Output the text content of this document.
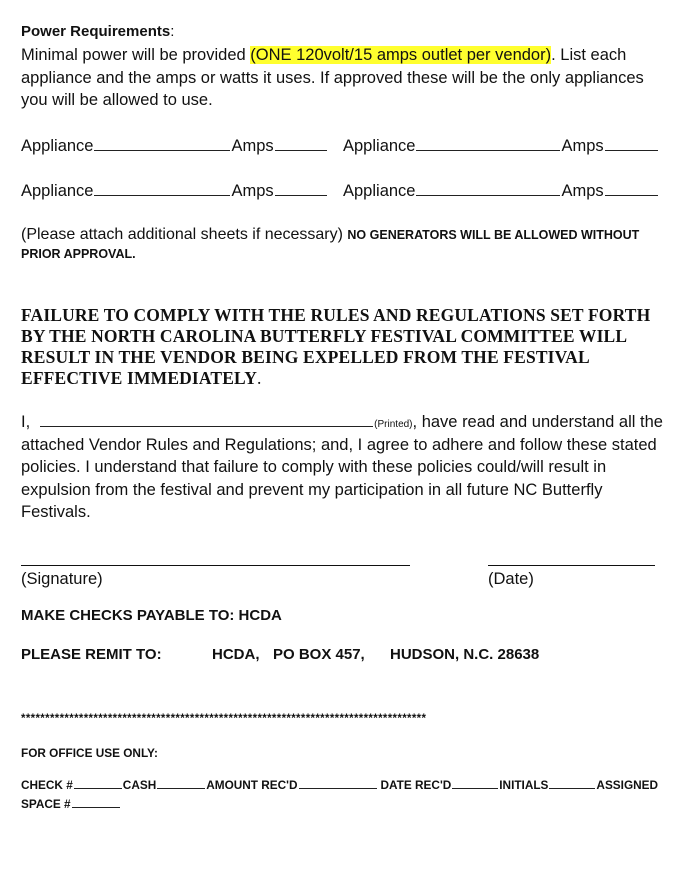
Power Requirements:
Minimal power will be provided (ONE 120volt/15 amps outlet per vendor). List each
appliance and the amps or watts it uses. If approved these will be the only appliances
you will be allowed to use.
Appliance	Amps	Appliance	Amps
Appliance	Amps	Appliance	Amps
(Please attach additional sheets if necessary) NO GENERATORS WILL BE ALLOWED WITHOUT
PRIOR APPROVAL.
FAILURE TO COMPLY WITH THE RULES AND REGULATIONS SET FORTH
BY THE NORTH CAROLINA BUTTERFLY FESTIVAL COMMITTEE WILL
RESULT IN THE VENDOR BEING EXPELLED FROM THE FESTIVAL
EFFECTIVE IMMEDIATELY.
I,	(Printed), have read and understand all the
attached Vendor Rules and Regulations; and, I agree to adhere and follow these stated
policies. I understand that failure to comply with these policies could/will result in
expulsion from the festival and prevent my participation in all future NC Butterfly
Festivals.
(Signature)	(Date)
MAKE CHECKS PAYABLE TO: HCDA
PLEASE REMIT TO:	HCDA, PO BOX 457, HUDSON, N.C. 28638
************************************************************************************
FOR OFFICE USE ONLY:
CHECK #	CASH	AMOUNT REC'D	DATE REC'D	INITIALS	ASSIGNED
SPACE #
